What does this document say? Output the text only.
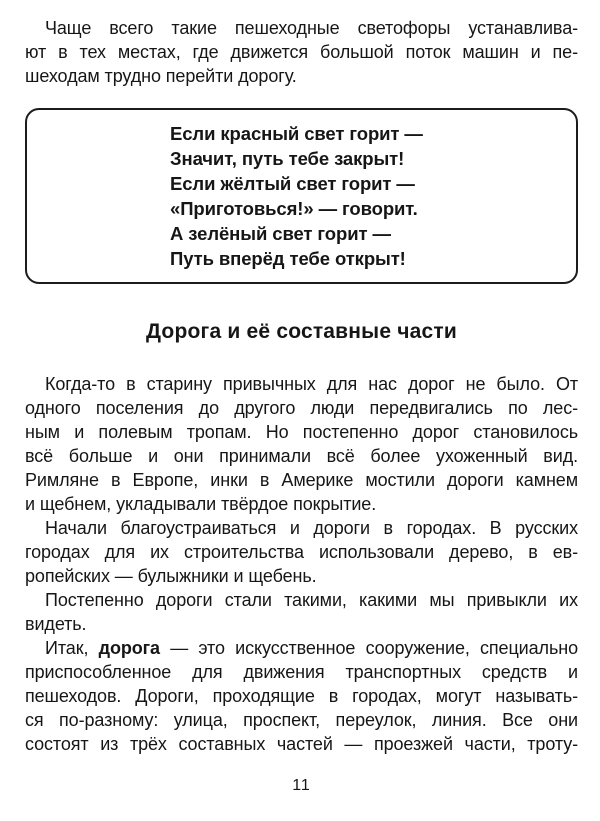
Чаще всего такие пешеходные светофоры устанавлива-
ют в тех местах, где движется большой поток машин и пе-
шеходам трудно перейти дорогу.
Если красный свет горит —
Значит, путь тебе закрыт!
Если жёлтый свет горит —
«Приготовься!» — говорит.
А зелёный свет горит —
Путь вперёд тебе открыт!
Дорога и её составные части
Когда-то в старину привычных для нас дорог не было. От
одного поселения до другого люди передвигались по лес-
ным и полевым тропам. Но постепенно дорог становилось
всё больше и они принимали всё более ухоженный вид.
Римляне в Европе, инки в Америке мостили дороги камнем
и щебнем, укладывали твёрдое покрытие.
Начали благоустраиваться и дороги в городах. В русских
городах для их строительства использовали дерево, в ев-
ропейских — булыжники и щебень.
Постепенно дороги стали такими, какими мы привыкли их
видеть.
Итак, дорога — это искусственное сооружение, специально
приспособленное для движения транспортных средств и
пешеходов. Дороги, проходящие в городах, могут называть-
ся по-разному: улица, проспект, переулок, линия. Все они
состоят из трёх составных частей — проезжей части, троту-
11
